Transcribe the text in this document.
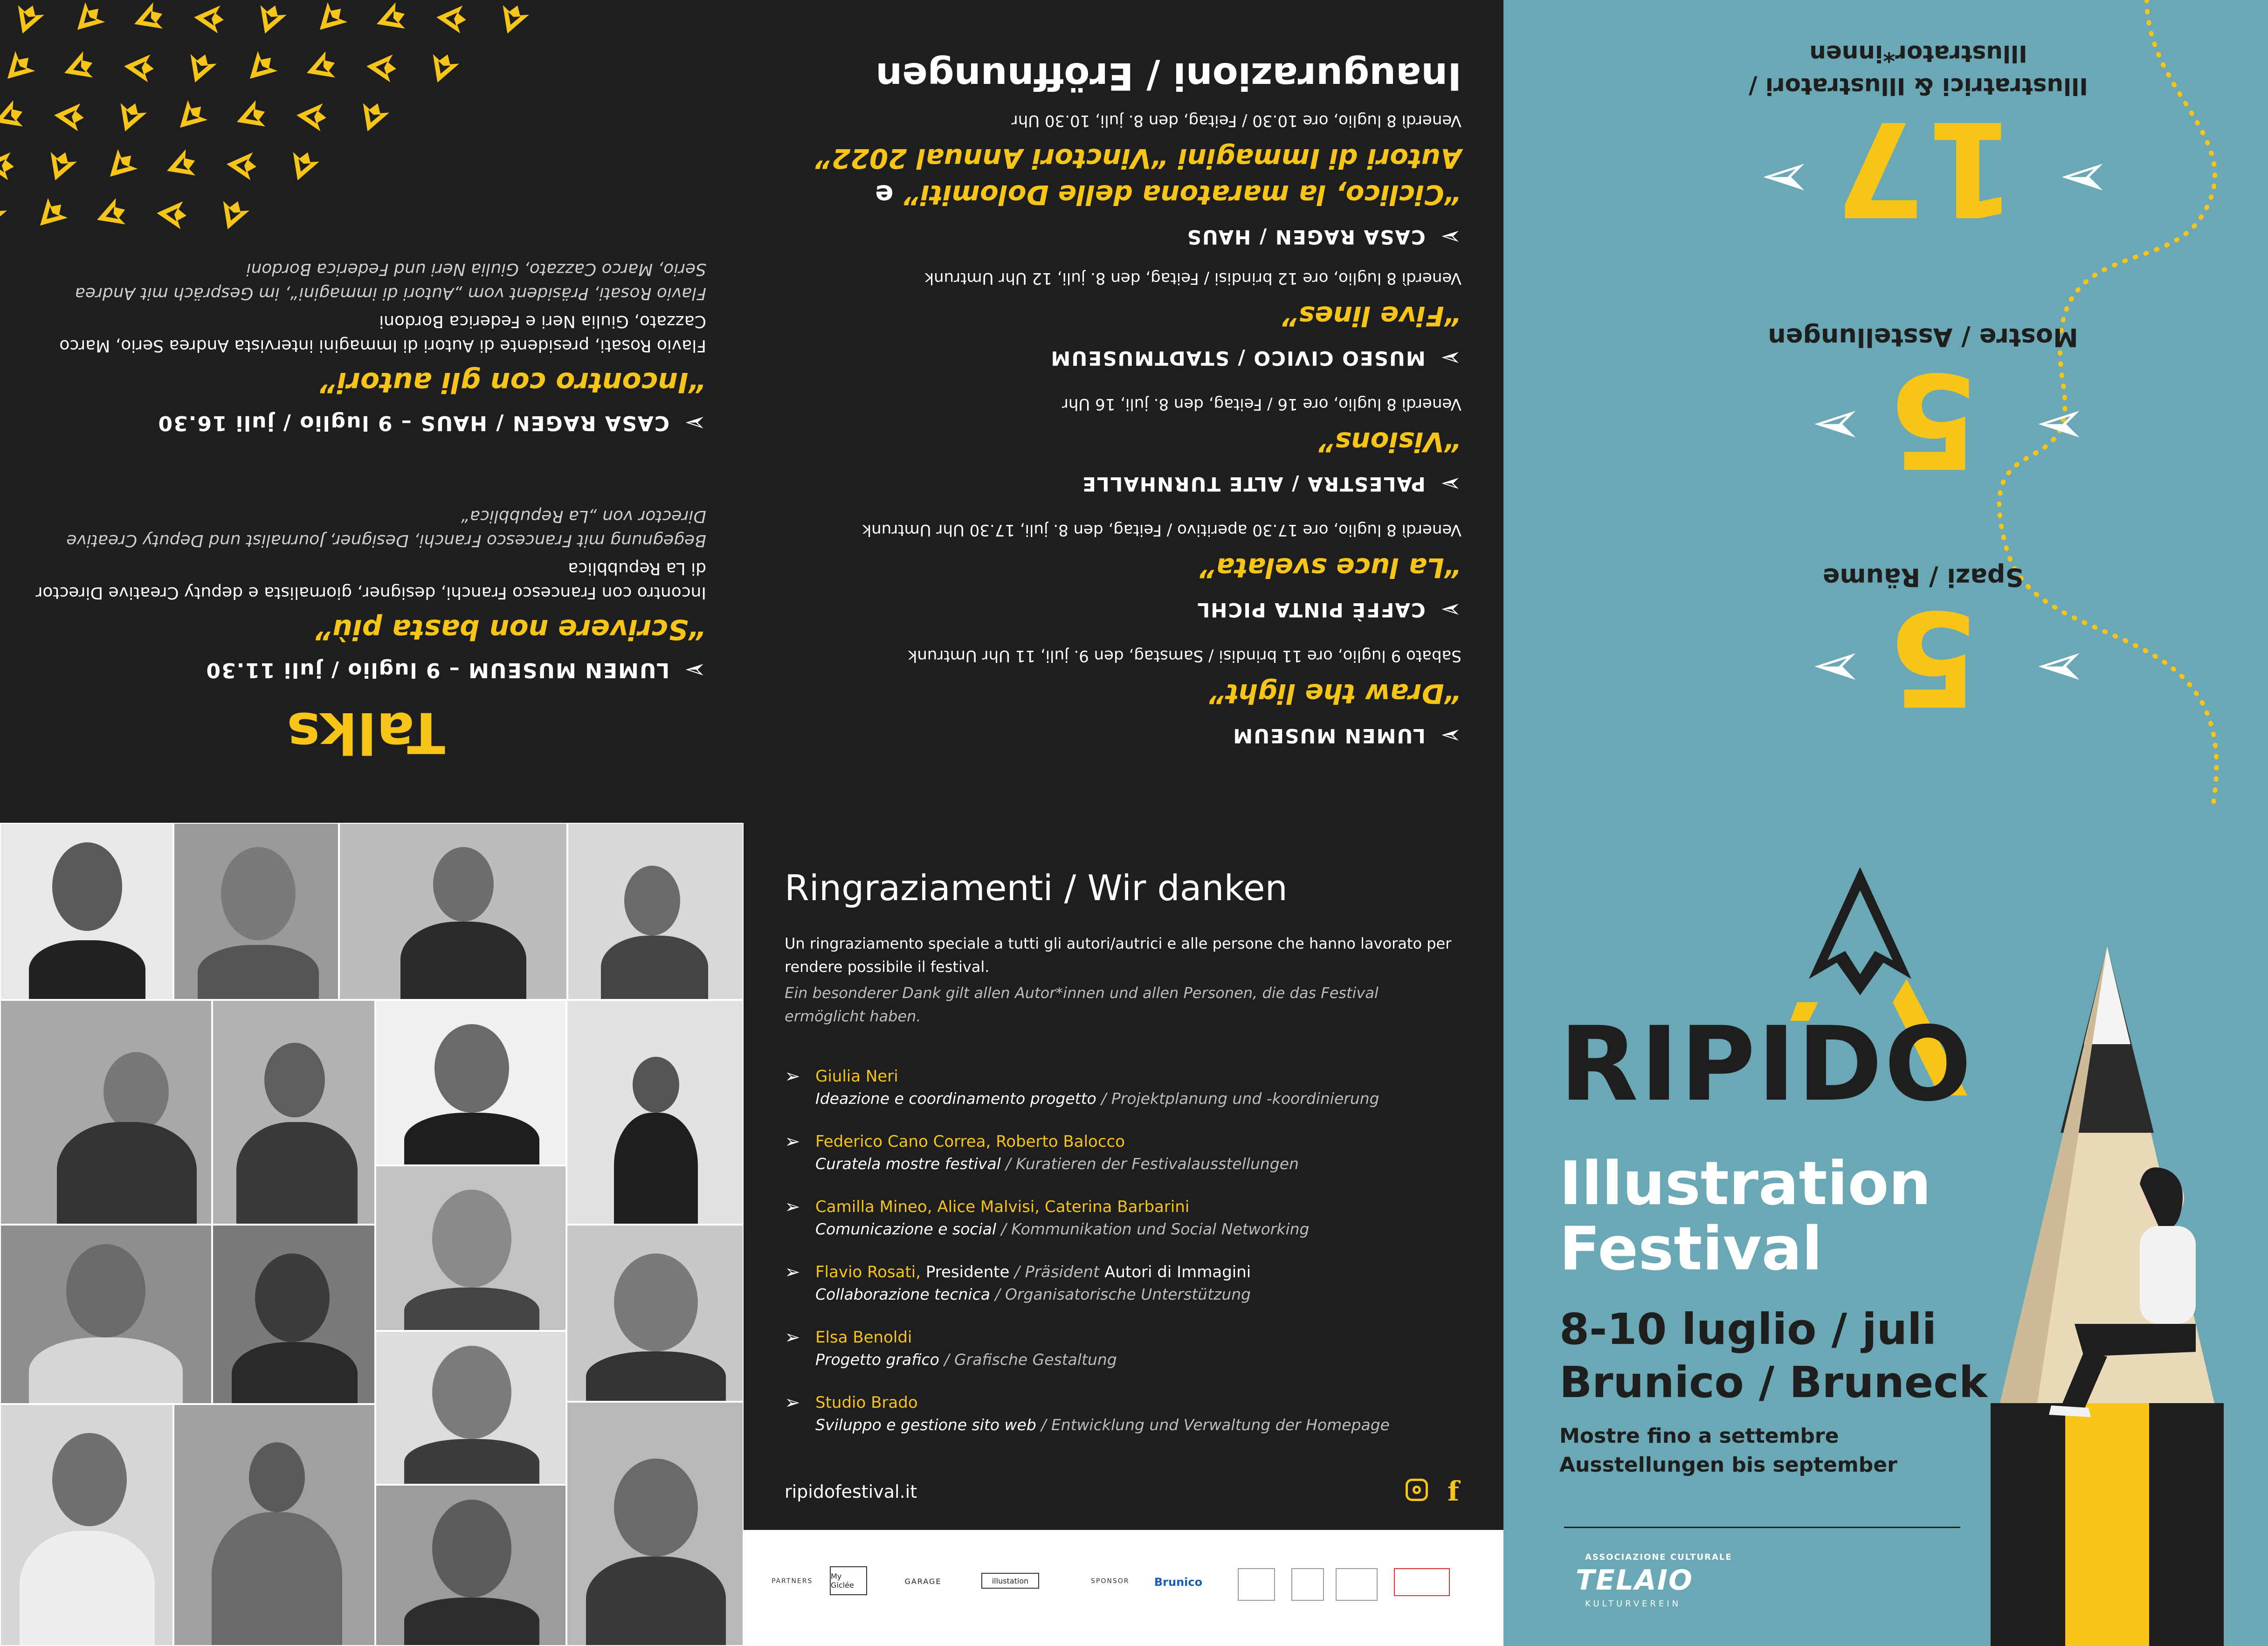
Talks
➢
LUMEN MUSEUM – 9 luglio / juli 11.30
“Scrivere non basta più”
Incontro con Francesco Franchi, designer, giornalista e deputy Creative Director di La Repubblica
Begegnung mit Francesco Franchi, Designer, Journalist und Deputy Creative Director von „La Repubblica“
➢
CASA RAGEN / HAUS – 9 luglio / juli 16.30
“Incontro con gli autori”
Flavio Rosati, presidente di Autori di Immagini intervista Andrea Serio, Marco Cazzato, Giulia Neri e Federica Bordoni
Flavio Rosati, Präsident vom „Autori di immagini“, im Gespräch mit Andrea Serio, Marco Cazzato, Giulia Neri und Federica Bordoni
Inaugurazioni / Eröffnungen
➢
CASA RAGEN / HAUS
“Ciclico, la maratona delle Dolomiti” e
Autori di Immagini “Vinctori Annual 2022”
Venerdì 8 luglio, ore 10.30 / Feitag, den 8. juli, 10.30 Uhr
➢
MUSEO CIVICO / STADTMUSEUM
“Five lines”
Venerdì 8 luglio, ore 12 brindisi / Feitag, den 8. juli, 12 Uhr Umtrunk
➢
PALESTRA / ALTE TURNHALLE
“Visions”
Venerdì 8 luglio, ore 16 / Feitag, den 8. juli, 16 Uhr
➢
CAFFÈ PINTA PICHL
“La luce svelata”
Venerdì 8 luglio, ore 17.30 aperitivo / Feitag, den 8. juli, 17.30 Uhr Umtrunk
➢
LUMEN MUSEUM
“Draw the light”
Sabato 9 luglio, ore 11 brindisi / Samstag, den 9. juli, 11 Uhr Umtrunk
Ringraziamenti / Wir danken
Un ringraziamento speciale a tutti gli autori/autrici e alle persone che hanno lavorato per rendere possibile il festival.
Ein besonderer Dank gilt allen Autor*innen und allen Personen, die das Festival ermöglicht haben.
➢ Giulia Neri
Ideazione e coordinamento progetto / Projektplanung und -koordinierung
➢ Federico Cano Correa, Roberto Balocco
Curatela mostre festival / Kuratieren der Festivalausstellungen
➢ Camilla Mineo, Alice Malvisi, Caterina Barbarini
Comunicazione e social / Kommunikation und Social Networking
➢ Flavio Rosati, Presidente / Präsident Autori di Immagini
Collaborazione tecnica / Organisatorische Unterstützung
➢ Elsa Benoldi
Progetto grafico / Grafische Gestaltung
➢ Studio Brado
Sviluppo e gestione sito web / Entwicklung und Verwaltung der Homepage
ripidofestival.it	f
PARTNERS
My Giclée	GARAGE	illustation	SPONSOR	Brunico
5
Spazi / Räume
➣
➣
5
Mostre / Asstellungen
➣
➣
17
Illustratrici & Illustratori / Illustrator*innen
➣
➣
RIPIDO
Illustration
Festival
8-10 luglio / juli
Brunico / Bruneck
Mostre fino a settembre
Ausstellungen bis september
ASSOCIAZIONE CULTURALE
TELAIO
KULTURVEREIN
